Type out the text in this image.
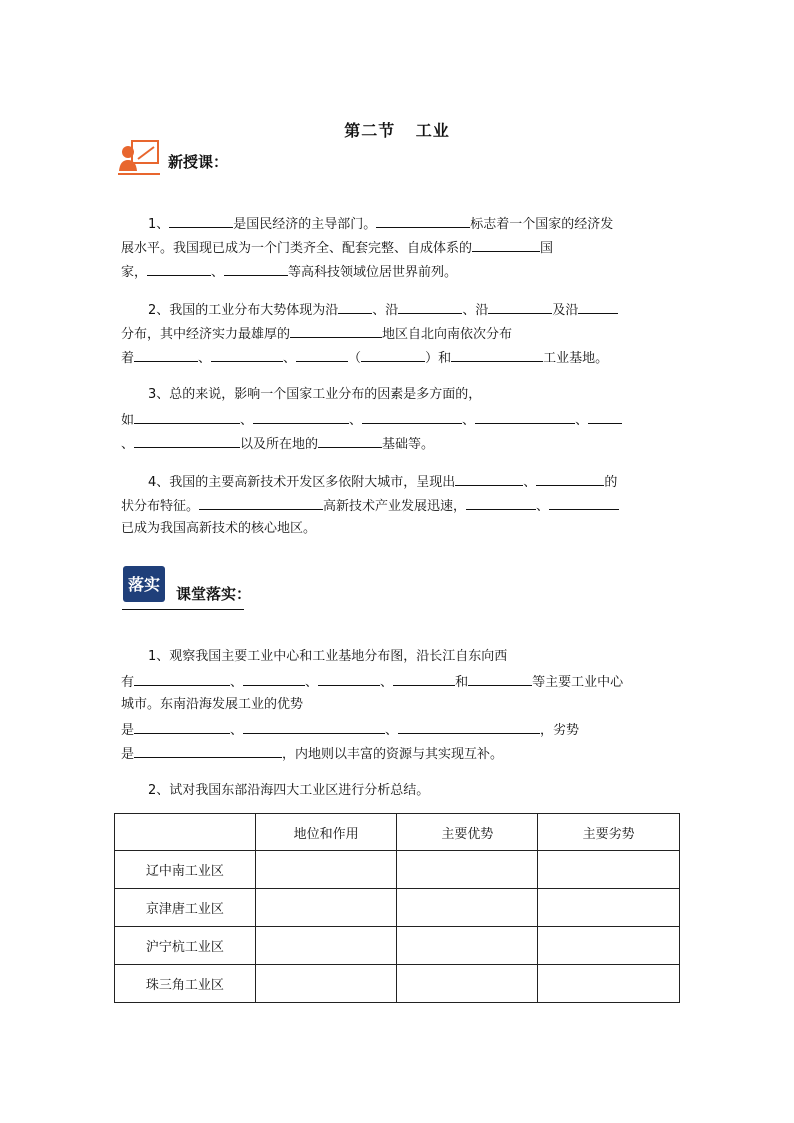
第二节 工业
新授课：
1、	是国民经济的主导部门。	标志着一个国家的经济发
展水平。我国现已成为一个门类齐全、配套完整、自成体系的	国
家，	、	等高科技领域位居世界前列。
2、我国的工业分布大势体现为沿	、沿	、沿	及沿
分布，其中经济实力最雄厚的	地区自北向南依次分布
着	、	、	（	）和	工业基地。
3、总的来说，影响一个国家工业分布的因素是多方面的，
如	、	、	、	、
、	以及所在地的	基础等。
4、我国的主要高新技术开发区多依附大城市，呈现出	、	的
状分布特征。	高新技术产业发展迅速，	、
已成为我国高新技术的核心地区。
落实 课堂落实：
1、观察我国主要工业中心和工业基地分布图，沿长江自东向西
有	、	、	、	和	等主要工业中心
城市。东南沿海发展工业的优势
是	、	、	，劣势
是	，内地则以丰富的资源与其实现互补。
2、试对我国东部沿海四大工业区进行分析总结。
	地位和作用	主要优势	主要劣势
辽中南工业区			
京津唐工业区			
沪宁杭工业区			
珠三角工业区			
